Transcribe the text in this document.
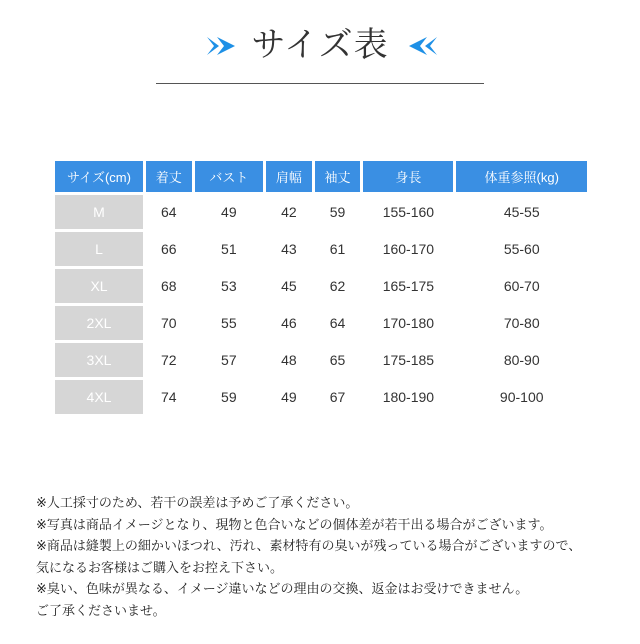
サイズ表
サイズ(cm)	着丈	バスト	肩幅	袖丈	身長	体重参照(kg)
M	64	49	42	59	155-160	45-55
L	66	51	43	61	160-170	55-60
XL	68	53	45	62	165-175	60-70
2XL	70	55	46	64	170-180	70-80
3XL	72	57	48	65	175-185	80-90
4XL	74	59	49	67	180-190	90-100
※人工採寸のため、若干の誤差は予めご了承ください。
※写真は商品イメージとなり、現物と色合いなどの個体差が若干出る場合がございます。
※商品は縫製上の細かいほつれ、汚れ、素材特有の臭いが残っている場合がございますので、
気になるお客様はご購入をお控え下さい。
※臭い、色味が異なる、イメージ違いなどの理由の交換、返金はお受けできません。
ご了承くださいませ。
